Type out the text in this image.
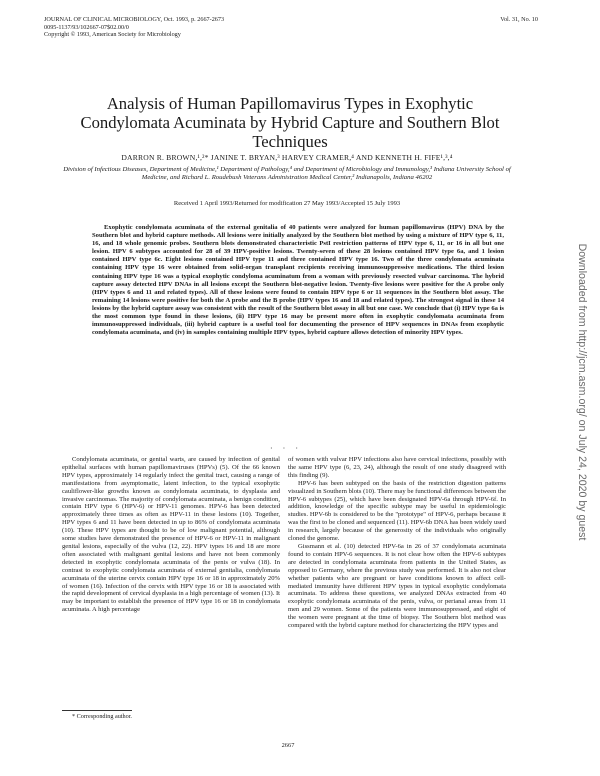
JOURNAL OF CLINICAL MICROBIOLOGY, Oct. 1993, p. 2667-2673
0095-1137/93/102667-07$02.00/0
Copyright © 1993, American Society for Microbiology
Vol. 31, No. 10
Analysis of Human Papillomavirus Types in Exophytic Condylomata Acuminata by Hybrid Capture and Southern Blot Techniques
DARRON R. BROWN,¹,²* JANINE T. BRYAN,³ HARVEY CRAMER,⁴ AND KENNETH H. FIFE¹,³,⁴
Division of Infectious Diseases, Department of Medicine,¹ Department of Pathology,⁴ and Department of Microbiology and Immunology,³ Indiana University School of Medicine, and Richard L. Roudebush Veterans Administration Medical Center,² Indianapolis, Indiana 46202
Received 1 April 1993/Returned for modification 27 May 1993/Accepted 15 July 1993
Exophytic condylomata acuminata of the external genitalia of 40 patients were analyzed for human papillomavirus (HPV) DNA by the Southern blot and hybrid capture methods. All lesions were initially analyzed by the Southern blot method by using a mixture of HPV type 6, 11, 16, and 18 whole genomic probes. Southern blots demonstrated characteristic PstI restriction patterns of HPV type 6, 11, or 16 in all but one lesion. HPV 6 subtypes accounted for 28 of 39 HPV-positive lesions. Twenty-seven of these 28 lesions contained HPV type 6a, and 1 lesion contained HPV type 6c. Eight lesions contained HPV type 11 and three contained HPV type 16. Two of the three condylomata acuminata containing HPV type 16 were obtained from solid-organ transplant recipients receiving immunosuppressive medications. The third lesion containing HPV type 16 was a typical exophytic condyloma acuminatum from a woman with previously resected vulvar carcinoma. The hybrid capture assay detected HPV DNAs in all lesions except the Southern blot-negative lesion. Twenty-five lesions were positive for the A probe only (HPV types 6 and 11 and related types). All of these lesions were found to contain HPV type 6 or 11 sequences in the Southern blot assay. The remaining 14 lesions were positive for both the A probe and the B probe (HPV types 16 and 18 and related types). The strongest signal in these 14 lesions by the hybrid capture assay was consistent with the result of the Southern blot assay in all but one case. We conclude that (i) HPV type 6a is the most common type found in these lesions, (ii) HPV type 16 may be present more often in exophytic condylomata acuminata from immunosuppressed individuals, (iii) hybrid capture is a useful tool for documenting the presence of HPV sequences in DNAs from exophytic condylomata acuminata, and (iv) in samples containing multiple HPV types, hybrid capture allows detection of minority HPV types.
· · ·

Condylomata acuminata, or genital warts, are caused by infection of genital epithelial surfaces with human papillomaviruses (HPVs) (5). Of the 66 known HPV types, approximately 14 regularly infect the genital tract, causing a range of manifestations from asymptomatic, latent infection, to the typical exophytic cauliflower-like growths known as condylomata acuminata, to dysplasia and invasive carcinomas. The majority of condylomata acuminata, a benign condition, contain HPV type 6 (HPV-6) or HPV-11 genomes. HPV-6 has been detected approximately three times as often as HPV-11 in these lesions (10). Together, HPV types 6 and 11 have been detected in up to 86% of condylomata acuminata (10). These HPV types are thought to be of low malignant potential, although some studies have demonstrated the presence of HPV-6 or HPV-11 in malignant genital lesions, especially of the vulva (12, 22). HPV types 16 and 18 are more often associated with malignant genital lesions and have not been commonly detected in exophytic condylomata acuminata of the penis or vulva (18). In contrast to exophytic condylomata acuminata of external genitalia, condylomata acuminata of the uterine cervix contain HPV type 16 or 18 in approximately 20% of women (16). Infection of the cervix with HPV type 16 or 18 is associated with the rapid development of cervical dysplasia in a high percentage of women (13). It may be important to establish the presence of HPV type 16 or 18 in condylomata acuminata. A high percentage

of women with vulvar HPV infections also have cervical infections, possibly with the same HPV type (6, 23, 24), although the result of one study disagreed with this finding (9).

HPV-6 has been subtyped on the basis of the restriction digestion patterns visualized in Southern blots (10). There may be functional differences between the HPV-6 subtypes (25), which have been designated HPV-6a through HPV-6f. In addition, knowledge of the specific subtype may be useful in epidemiologic studies. HPV-6b is considered to be the "prototype" of HPV-6, perhaps because it was the first to be cloned and sequenced (11). HPV-6b DNA has been widely used in research, largely because of the generosity of the individuals who originally cloned the genome.

Gissmann et al. (10) detected HPV-6a in 26 of 37 condylomata acuminata found to contain HPV-6 sequences. It is not clear how often the HPV-6 subtypes are detected in condylomata acuminata from patients in the United States, as opposed to Germany, where the previous study was performed. It is also not clear whether patients who are pregnant or have conditions known to affect cell-mediated immunity have different HPV types in typical exophytic condylomata acuminata. To address these questions, we analyzed DNAs extracted from 40 exophytic condylomata acuminata of the penis, vulva, or perianal areas from 11 men and 29 women. Some of the patients were immunosuppressed, and eight of the women were pregnant at the time of biopsy. The Southern blot method was compared with the hybrid capture method for characterizing the HPV types and

* Corresponding author.
2667
Downloaded from http://jcm.asm.org/ on July 24, 2020 by guest
